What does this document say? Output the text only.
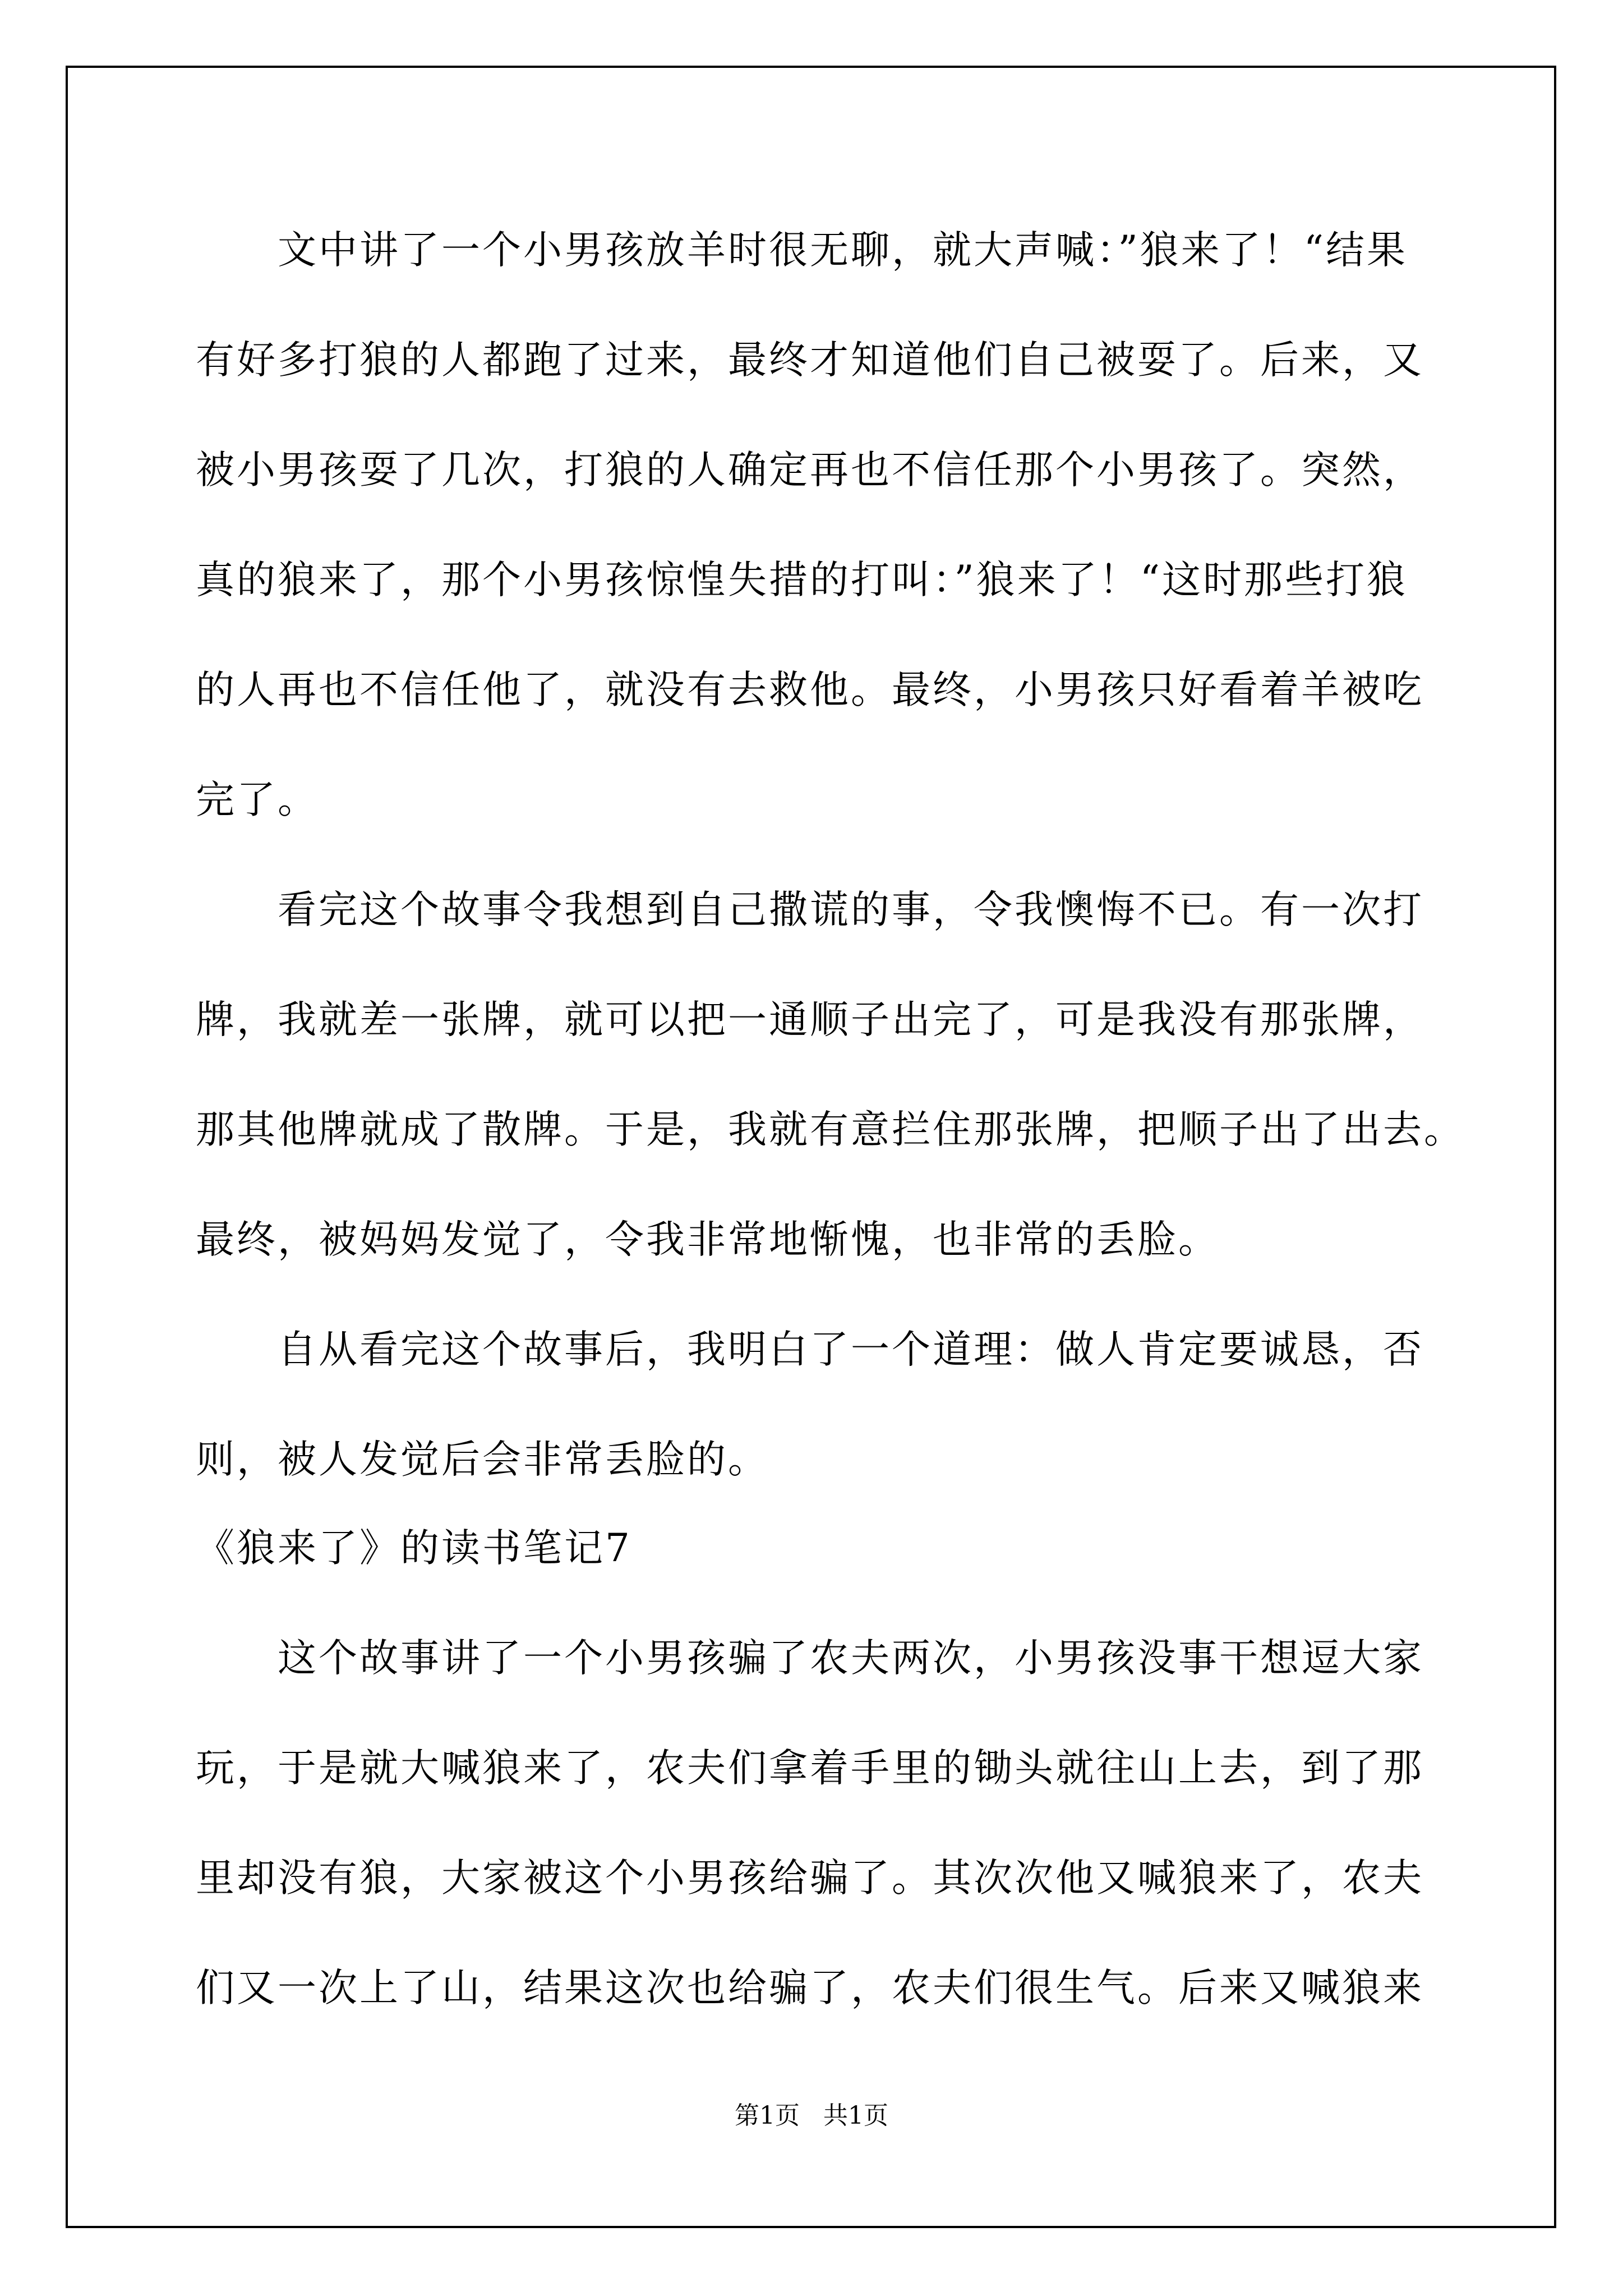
　　文中讲了一个小男孩放羊时很无聊，就大声喊：”狼来了！“结果
有好多打狼的人都跑了过来，最终才知道他们自己被耍了。后来，又
被小男孩耍了几次，打狼的人确定再也不信任那个小男孩了。突然，
真的狼来了，那个小男孩惊惶失措的打叫：”狼来了！“这时那些打狼
的人再也不信任他了，就没有去救他。最终，小男孩只好看着羊被吃
完了。
　　看完这个故事令我想到自己撒谎的事，令我懊悔不已。有一次打
牌，我就差一张牌，就可以把一通顺子出完了，可是我没有那张牌，
那其他牌就成了散牌。于是，我就有意拦住那张牌，把顺子出了出去。
最终，被妈妈发觉了，令我非常地惭愧，也非常的丢脸。
　　自从看完这个故事后，我明白了一个道理：做人肯定要诚恳，否
则，被人发觉后会非常丢脸的。
《狼来了》的读书笔记7
　　这个故事讲了一个小男孩骗了农夫两次，小男孩没事干想逗大家
玩，于是就大喊狼来了，农夫们拿着手里的锄头就往山上去，到了那
里却没有狼，大家被这个小男孩给骗了。其次次他又喊狼来了，农夫
们又一次上了山，结果这次也给骗了，农夫们很生气。后来又喊狼来
第1页   共1页
